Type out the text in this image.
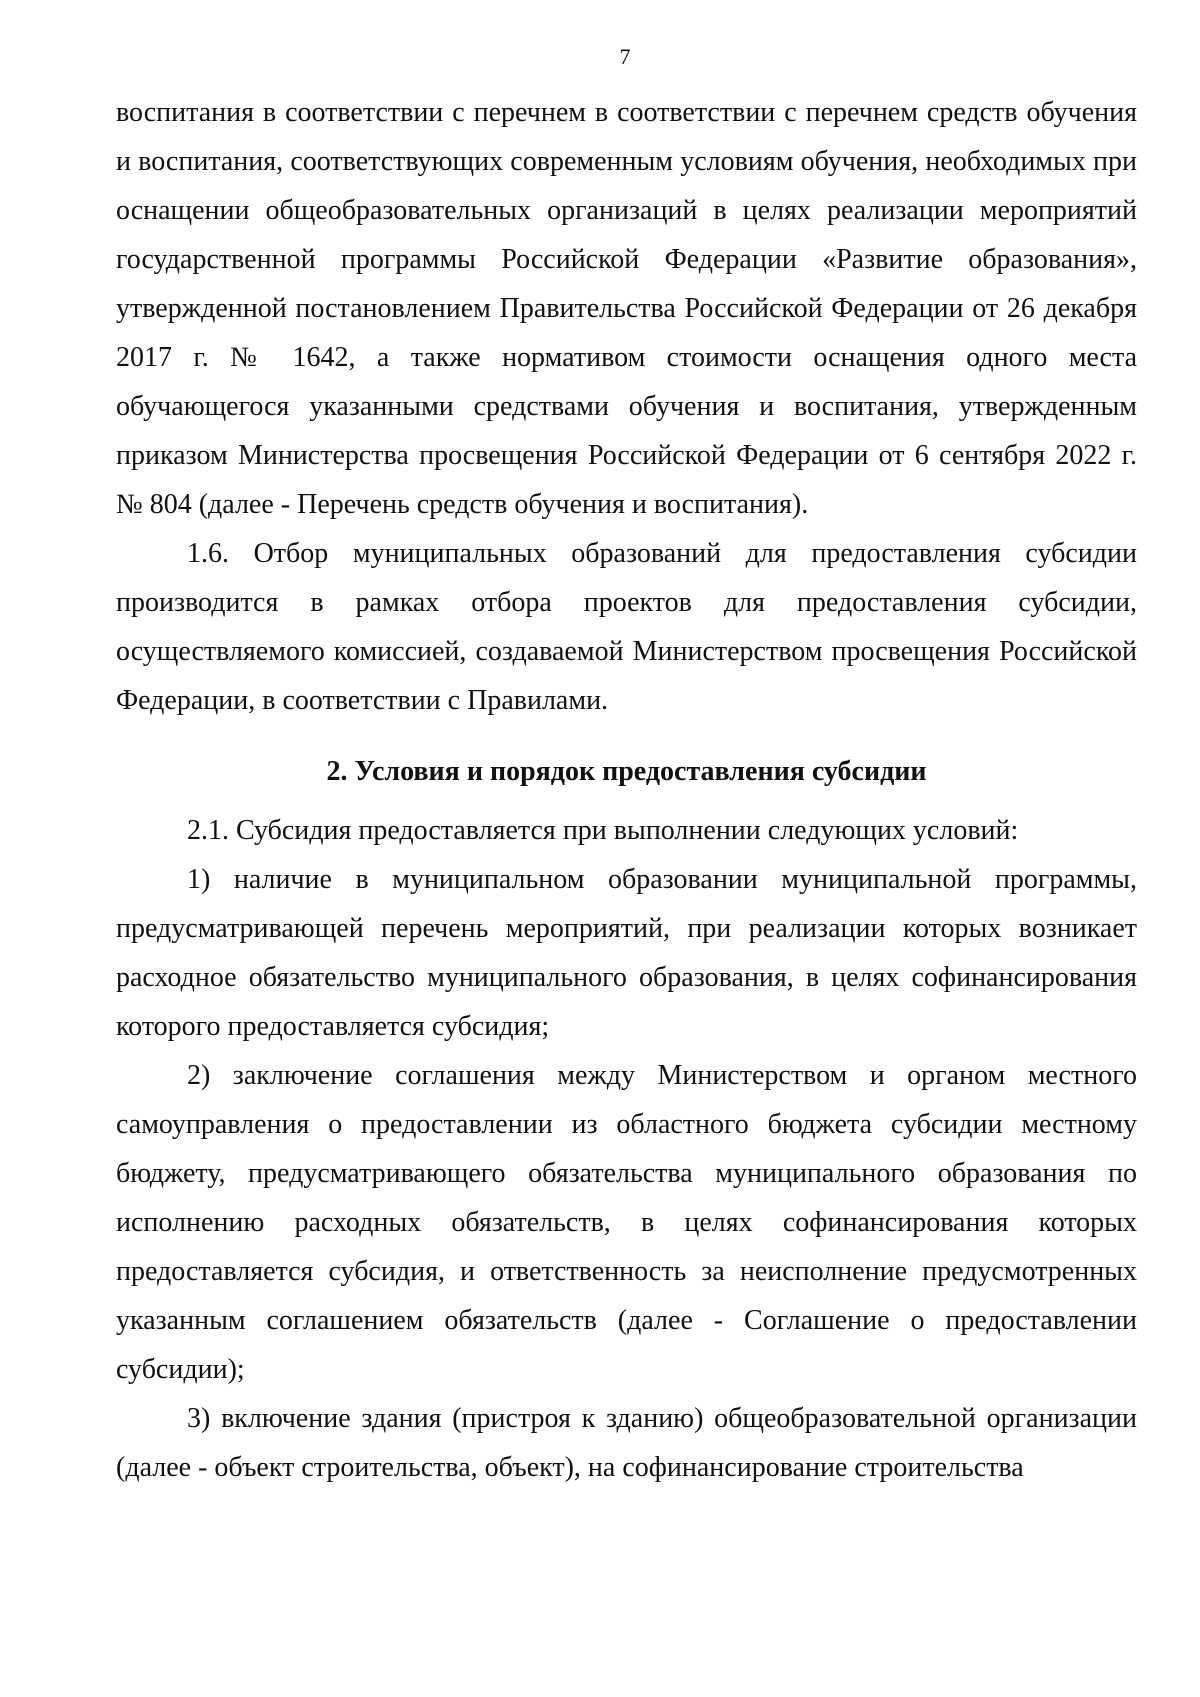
7

воспитания в соответствии с перечнем в соответствии с перечнем средств обучения и воспитания, соответствующих современным условиям обучения, необходимых при оснащении общеобразовательных организаций в целях реализации мероприятий государственной программы Российской Федерации «Развитие образования», утвержденной постановлением Правительства Российской Федерации от 26 декабря 2017 г. № 1642, а также нормативом стоимости оснащения одного места обучающегося указанными средствами обучения и воспитания, утвержденным приказом Министерства просвещения Российской Федерации от 6 сентября 2022 г. № 804 (далее - Перечень средств обучения и воспитания).

1.6. Отбор муниципальных образований для предоставления субсидии производится в рамках отбора проектов для предоставления субсидии, осуществляемого комиссией, создаваемой Министерством просвещения Российской Федерации, в соответствии с Правилами.

2. Условия и порядок предоставления субсидии

2.1. Субсидия предоставляется при выполнении следующих условий:

1) наличие в муниципальном образовании муниципальной программы, предусматривающей перечень мероприятий, при реализации которых возникает расходное обязательство муниципального образования, в целях софинансирования которого предоставляется субсидия;

2) заключение соглашения между Министерством и органом местного самоуправления о предоставлении из областного бюджета субсидии местному бюджету, предусматривающего обязательства муниципального образования по исполнению расходных обязательств, в целях софинансирования которых предоставляется субсидия, и ответственность за неисполнение предусмотренных указанным соглашением обязательств (далее - Соглашение о предоставлении субсидии);

3) включение здания (пристроя к зданию) общеобразовательной организации (далее - объект строительства, объект), на софинансирование строительства
